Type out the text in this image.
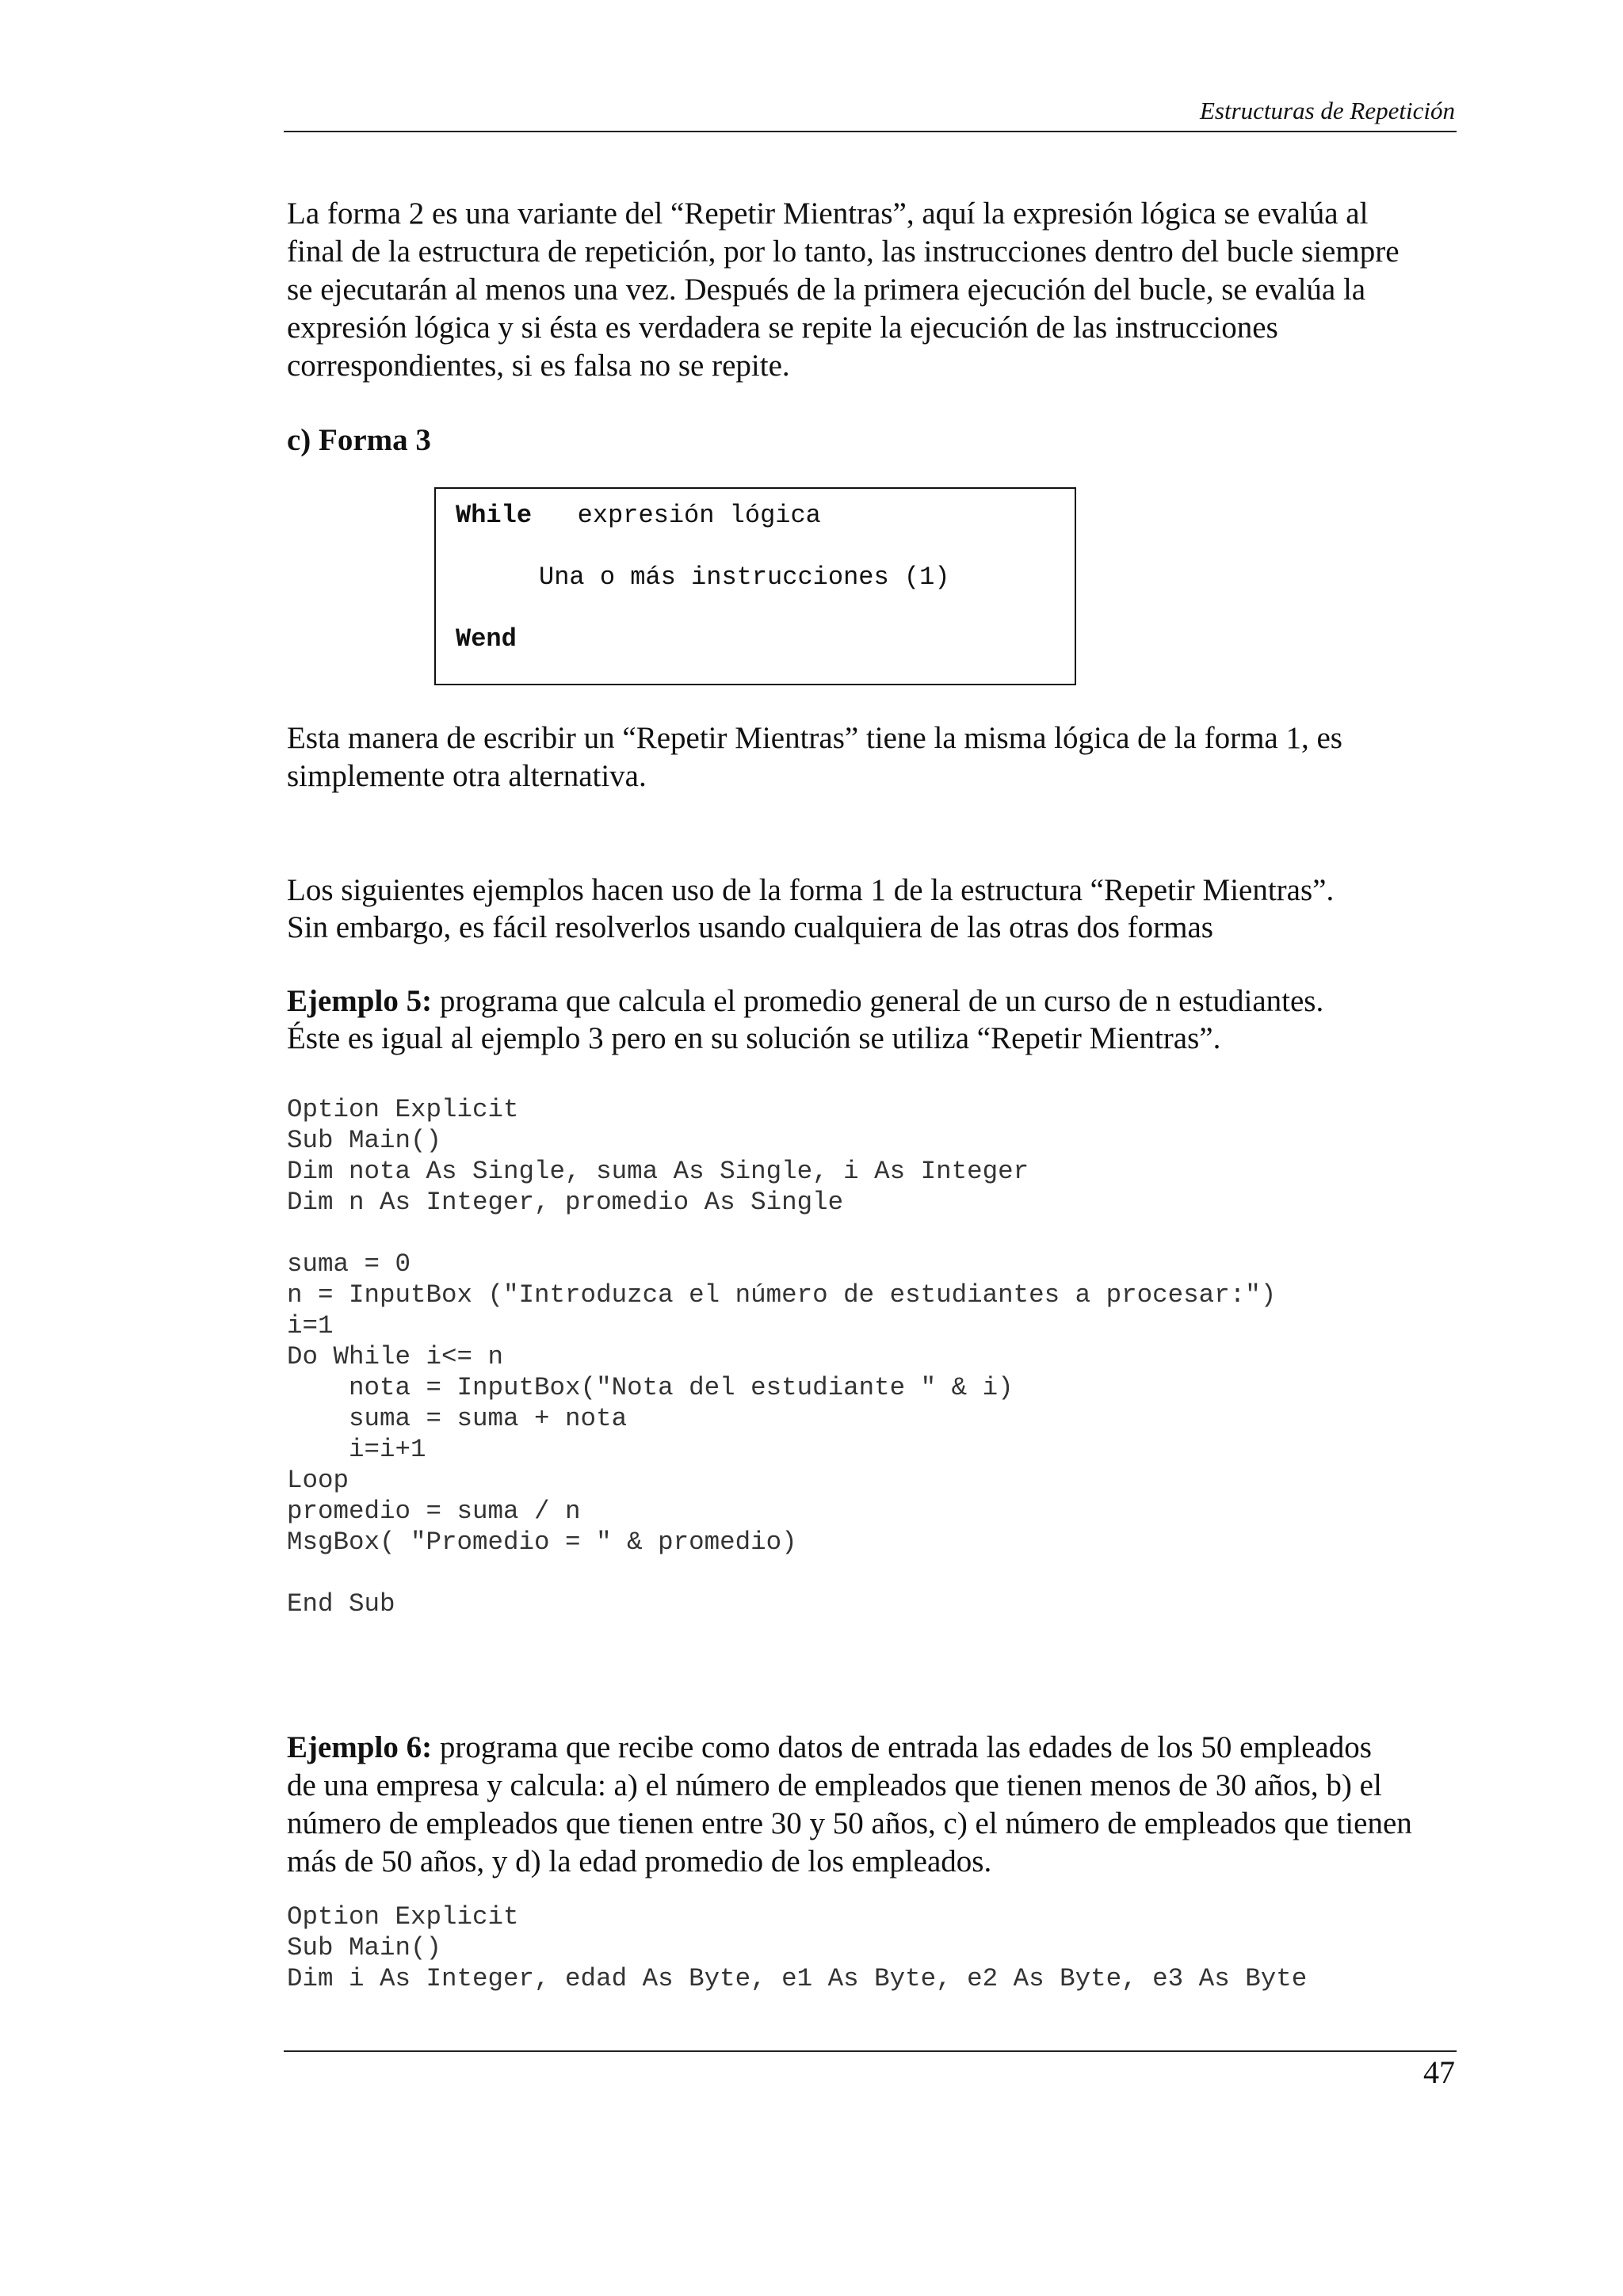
Estructuras de Repetición
La forma 2 es una variante del “Repetir Mientras”, aquí la expresión lógica se evalúa al
final de la estructura de repetición, por lo tanto, las instrucciones dentro del bucle siempre
se ejecutarán al menos una vez. Después de la primera ejecución del bucle, se evalúa la
expresión lógica y si ésta es verdadera se repite la ejecución de las instrucciones
correspondientes, si es falsa no se repite.
c) Forma 3
While expresión lógica
Una o más instrucciones (1)
Wend
Esta manera de escribir un “Repetir Mientras” tiene la misma lógica de la forma 1, es
simplemente otra alternativa.
Los siguientes ejemplos hacen uso de la forma 1 de la estructura “Repetir Mientras”.
Sin embargo, es fácil resolverlos usando cualquiera de las otras dos formas
Ejemplo 5: programa que calcula el promedio general de un curso de n estudiantes.
Éste es igual al ejemplo 3 pero en su solución se utiliza “Repetir Mientras”.
Option Explicit
Sub Main()
Dim nota As Single, suma As Single, i As Integer
Dim n As Integer, promedio As Single

suma = 0
n = InputBox ("Introduzca el número de estudiantes a procesar:")
i=1
Do While i<= n
nota = InputBox("Nota del estudiante " & i)
suma = suma + nota
i=i+1
Loop
promedio = suma / n
MsgBox( "Promedio = " & promedio)

End Sub
Ejemplo 6: programa que recibe como datos de entrada las edades de los 50 empleados
de una empresa y calcula: a) el número de empleados que tienen menos de 30 años, b) el
número de empleados que tienen entre 30 y 50 años, c) el número de empleados que tienen
más de 50 años, y d) la edad promedio de los empleados.
Option Explicit
Sub Main()
Dim i As Integer, edad As Byte, e1 As Byte, e2 As Byte, e3 As Byte
47
